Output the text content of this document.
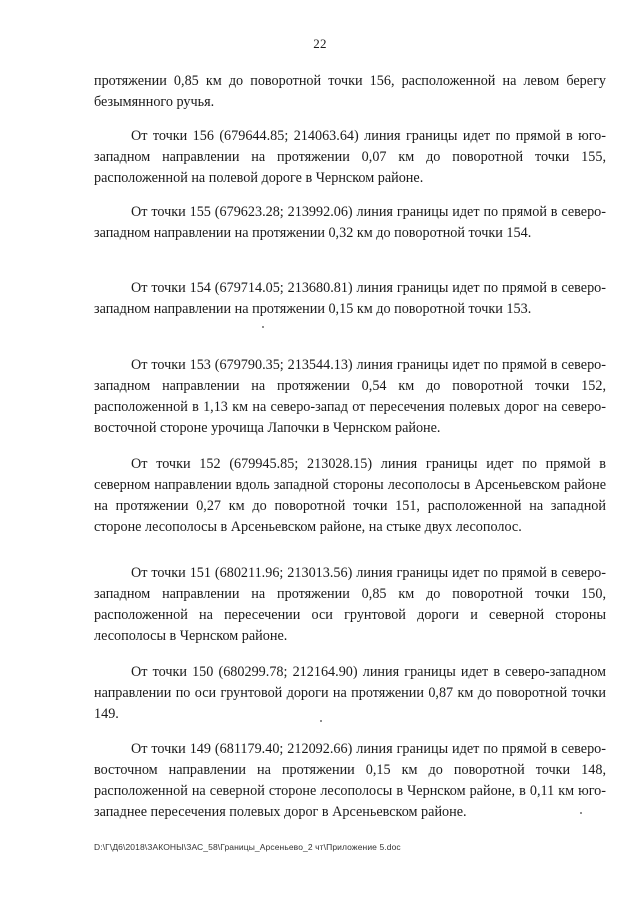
22

протяжении 0,85 км до поворотной точки 156, расположенной на левом берегу безымянного ручья.

От точки 156 (679644.85; 214063.64) линия границы идет по прямой в юго-западном направлении на протяжении 0,07 км до поворотной точки 155, расположенной на полевой дороге в Чернском районе.

От точки 155 (679623.28; 213992.06) линия границы идет по прямой в северо-западном направлении на протяжении 0,32 км до поворотной точки 154.

От точки 154 (679714.05; 213680.81) линия границы идет по прямой в северо-западном направлении на протяжении 0,15 км до поворотной точки 153.

От точки 153 (679790.35; 213544.13) линия границы идет по прямой в северо-западном направлении на протяжении 0,54 км до поворотной точки 152, расположенной в 1,13 км на северо-запад от пересечения полевых дорог на северо-восточной стороне урочища Лапочки в Чернском районе.

От точки 152 (679945.85; 213028.15) линия границы идет по прямой в северном направлении вдоль западной стороны лесополосы в Арсеньевском районе на протяжении 0,27 км до поворотной точки 151, расположенной на западной стороне лесополосы в Арсеньевском районе, на стыке двух лесополос.

От точки 151 (680211.96; 213013.56) линия границы идет по прямой в северо-западном направлении на протяжении 0,85 км до поворотной точки 150, расположенной на пересечении оси грунтовой дороги и северной стороны лесополосы в Чернском районе.

От точки 150 (680299.78; 212164.90) линия границы идет в северо-западном направлении по оси грунтовой дороги на протяжении 0,87 км до поворотной точки 149.

От точки 149 (681179.40; 212092.66) линия границы идет по прямой в северо-восточном направлении на протяжении 0,15 км до поворотной точки 148, расположенной на северной стороне лесополосы в Чернском районе, в 0,11 км юго-западнее пересечения полевых дорог в Арсеньевском районе.

D:\Г\Д6\2018\ЗАКОНЫ\ЗАС_58\Границы_Арсеньево_2 чт\Приложение 5.doc
